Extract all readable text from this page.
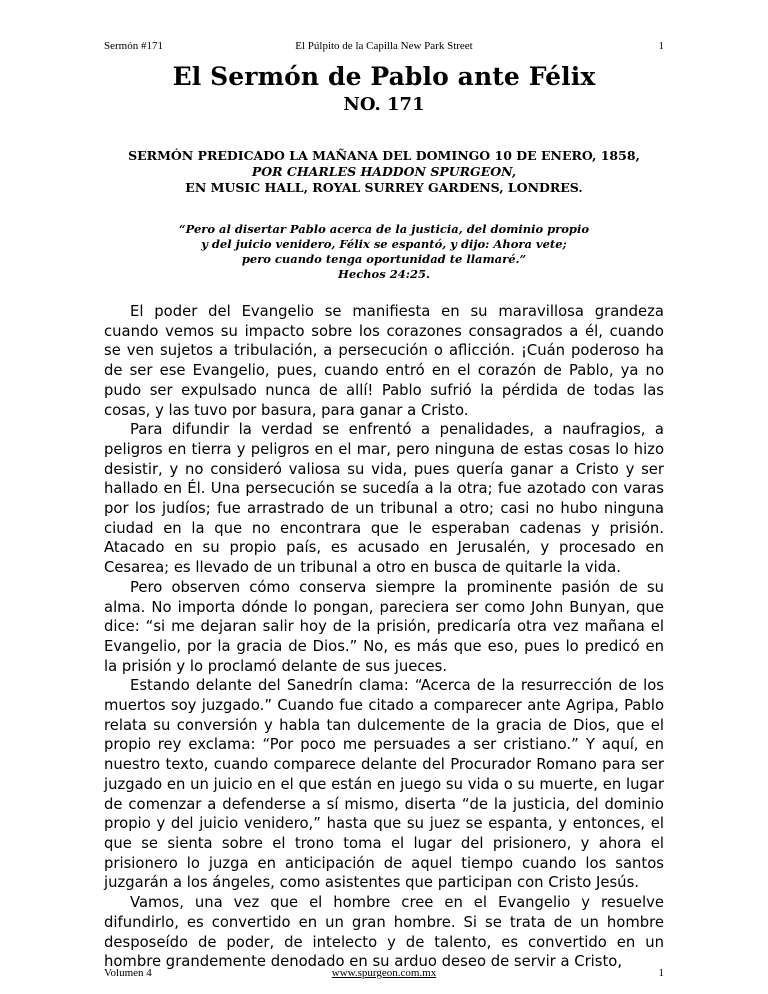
Sermón #171	El Púlpito de la Capilla New Park Street	1
El Sermón de Pablo ante Félix
NO. 171
SERMÓN PREDICADO LA MAÑANA DEL DOMINGO 10 DE ENERO, 1858,
POR CHARLES HADDON SPURGEON,
EN MUSIC HALL, ROYAL SURREY GARDENS, LONDRES.
“Pero al disertar Pablo acerca de la justicia, del dominio propio
y del juicio venidero, Félix se espantó, y dijo: Ahora vete;
pero cuando tenga oportunidad te llamaré.”
Hechos 24:25.

El poder del Evangelio se manifiesta en su maravillosa grandeza cuando vemos su impacto sobre los corazones consagrados a él, cuando se ven sujetos a tribulación, a persecución o aflicción. ¡Cuán poderoso ha de ser ese Evangelio, pues, cuando entró en el corazón de Pablo, ya no pudo ser expulsado nunca de allí! Pablo sufrió la pérdida de todas las cosas, y las tuvo por basura, para ganar a Cristo.

Para difundir la verdad se enfrentó a penalidades, a naufragios, a peligros en tierra y peligros en el mar, pero ninguna de estas cosas lo hizo desistir, y no consideró valiosa su vida, pues quería ganar a Cristo y ser hallado en Él. Una persecución se sucedía a la otra; fue azotado con varas por los judíos; fue arrastrado de un tribunal a otro; casi no hubo ninguna ciudad en la que no encontrara que le esperaban cadenas y prisión. Atacado en su propio país, es acusado en Jerusalén, y procesado en Cesarea; es llevado de un tribunal a otro en busca de quitarle la vida.

Pero observen cómo conserva siempre la prominente pasión de su alma. No importa dónde lo pongan, pareciera ser como John Bunyan, que dice: “si me dejaran salir hoy de la prisión, predicaría otra vez mañana el Evangelio, por la gracia de Dios.” No, es más que eso, pues lo predicó en la prisión y lo proclamó delante de sus jueces.

Estando delante del Sanedrín clama: “Acerca de la resurrección de los muertos soy juzgado.” Cuando fue citado a comparecer ante Agripa, Pablo relata su conversión y habla tan dulcemente de la gracia de Dios, que el propio rey exclama: “Por poco me persuades a ser cristiano.” Y aquí, en nuestro texto, cuando comparece delante del Procurador Romano para ser juzgado en un juicio en el que están en juego su vida o su muerte, en lugar de comenzar a defenderse a sí mismo, diserta “de la justicia, del dominio propio y del juicio venidero,” hasta que su juez se espanta, y entonces, el que se sienta sobre el trono toma el lugar del prisionero, y ahora el prisionero lo juzga en anticipación de aquel tiempo cuando los santos juzgarán a los ángeles, como asistentes que participan con Cristo Jesús.

Vamos, una vez que el hombre cree en el Evangelio y resuelve difundirlo, es convertido en un gran hombre. Si se trata de un hombre desposeído de poder, de intelecto y de talento, es convertido en un hombre grandemente denodado en su arduo deseo de servir a Cristo,

Volumen 4	www.spurgeon.com.mx	1
